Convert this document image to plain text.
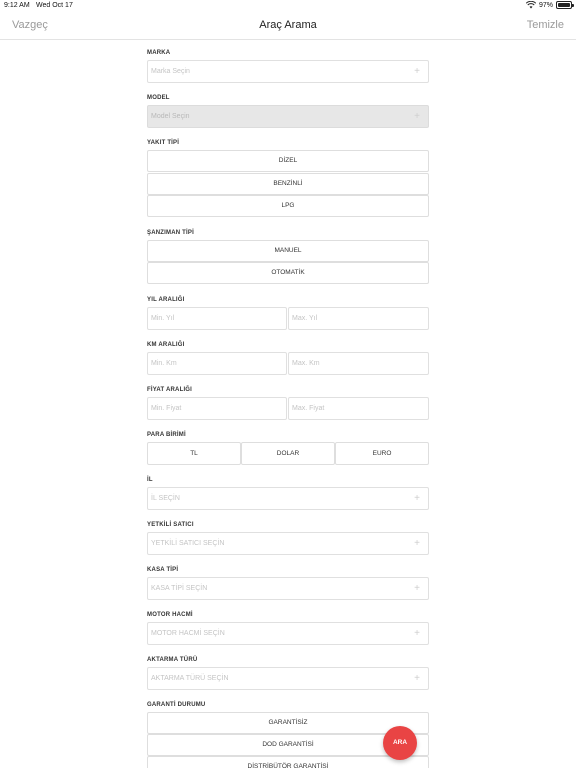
9:12 AM Wed Oct 17	97%
Vazgeç	Araç Arama	Temizle
MARKA
Marka Seçin	+
MODEL
Model Seçin	+
YAKIT TİPİ
DİZEL
BENZİNLİ
LPG
ŞANZIMAN TİPİ
MANUEL
OTOMATİK
YIL ARALIĞI
Min. Yıl	Max. Yıl
KM ARALIĞI
Min. Km	Max. Km
FİYAT ARALIĞI
Min. Fiyat	Max. Fiyat
PARA BİRİMİ
TL	DOLAR	EURO
İL
İL SEÇİN	+
YETKİLİ SATICI
YETKİLİ SATICI SEÇİN	+
KASA TİPİ
KASA TİPİ SEÇİN	+
MOTOR HACMİ
MOTOR HACMİ SEÇİN	+
AKTARMA TÜRÜ
AKTARMA TÜRÜ SEÇİN	+
GARANTİ DURUMU
GARANTİSİZ
DOD GARANTİSİ
DİSTRİBÜTÖR GARANTİSİ
ARA
